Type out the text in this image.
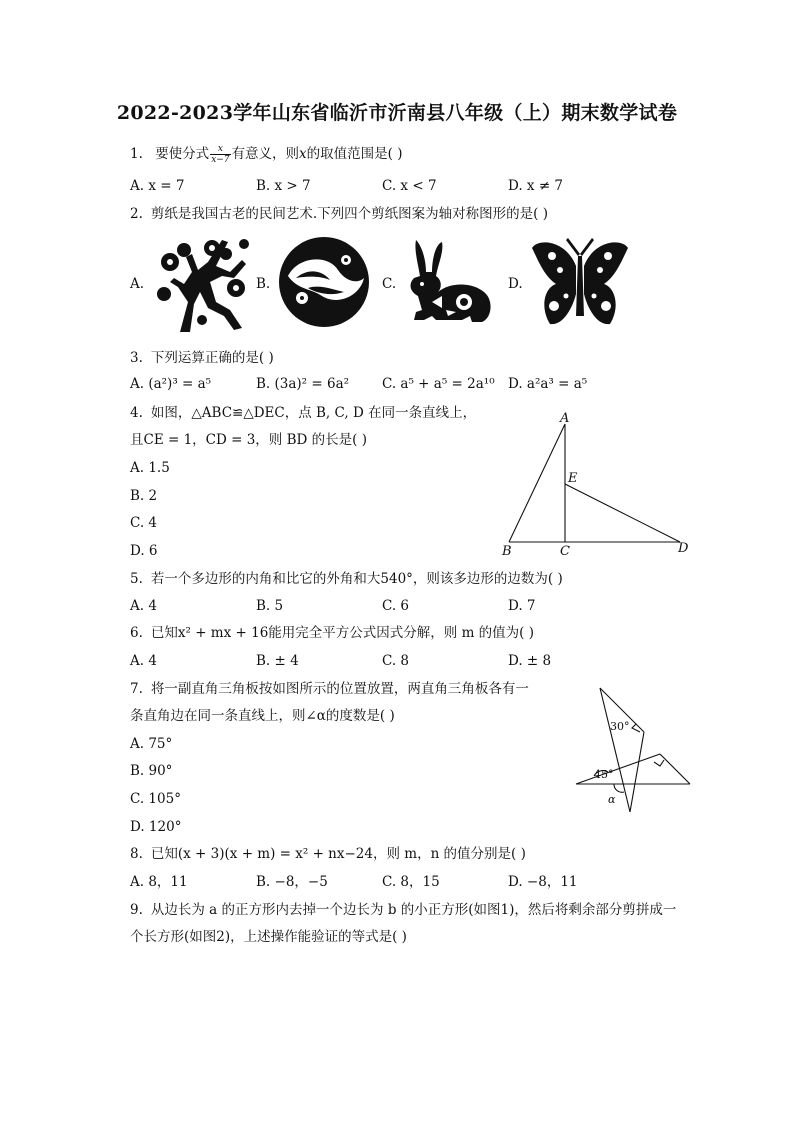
2022-2023学年山东省临沂市沂南县八年级（上）期末数学试卷
1. 要使分式 $\frac{x}{x-7}$ 有意义，则x的取值范围是( )
A. x = 7	B. x > 7	C. x < 7	D. x ≠ 7
2. 剪纸是我国古老的民间艺术.下列四个剪纸图案为轴对称图形的是( )
A.	B.	C.	D.
3. 下列运算正确的是( )
A. (a²)³ = a⁵	B. (3a)² = 6a² C. a⁵ + a⁵ = 2a¹⁰ D. a²a³ = a⁵
4. 如图，△ABC≌△DEC，点 B, C, D 在同一条直线上，
且CE = 1，CD = 3，则 BD 的长是( )
A. 1.5
B. 2
C. 4
D. 6
A
E
B	C	D
5. 若一个多边形的内角和比它的外角和大540°，则该多边形的边数为( )
A. 4	B. 5	C. 6	D. 7
6. 已知x² + mx + 16能用完全平方公式因式分解，则 m 的值为( )
A. 4	B. ± 4	C. 8	D. ± 8
7. 将一副直角三角板按如图所示的位置放置，两直角三角板各有一
条直角边在同一条直线上，则∠α的度数是( )
A. 75°
B. 90°
C. 105°
D. 120°
30°
45°
α
8. 已知(x + 3)(x + m) = x² + nx−24，则 m，n 的值分别是( )
A. 8，11	B. −8，−5	C. 8，15	D. −8，11
9. 从边长为 a 的正方形内去掉一个边长为 b 的小正方形(如图1)，然后将剩余部分剪拼成一
个长方形(如图2)，上述操作能验证的等式是( )
